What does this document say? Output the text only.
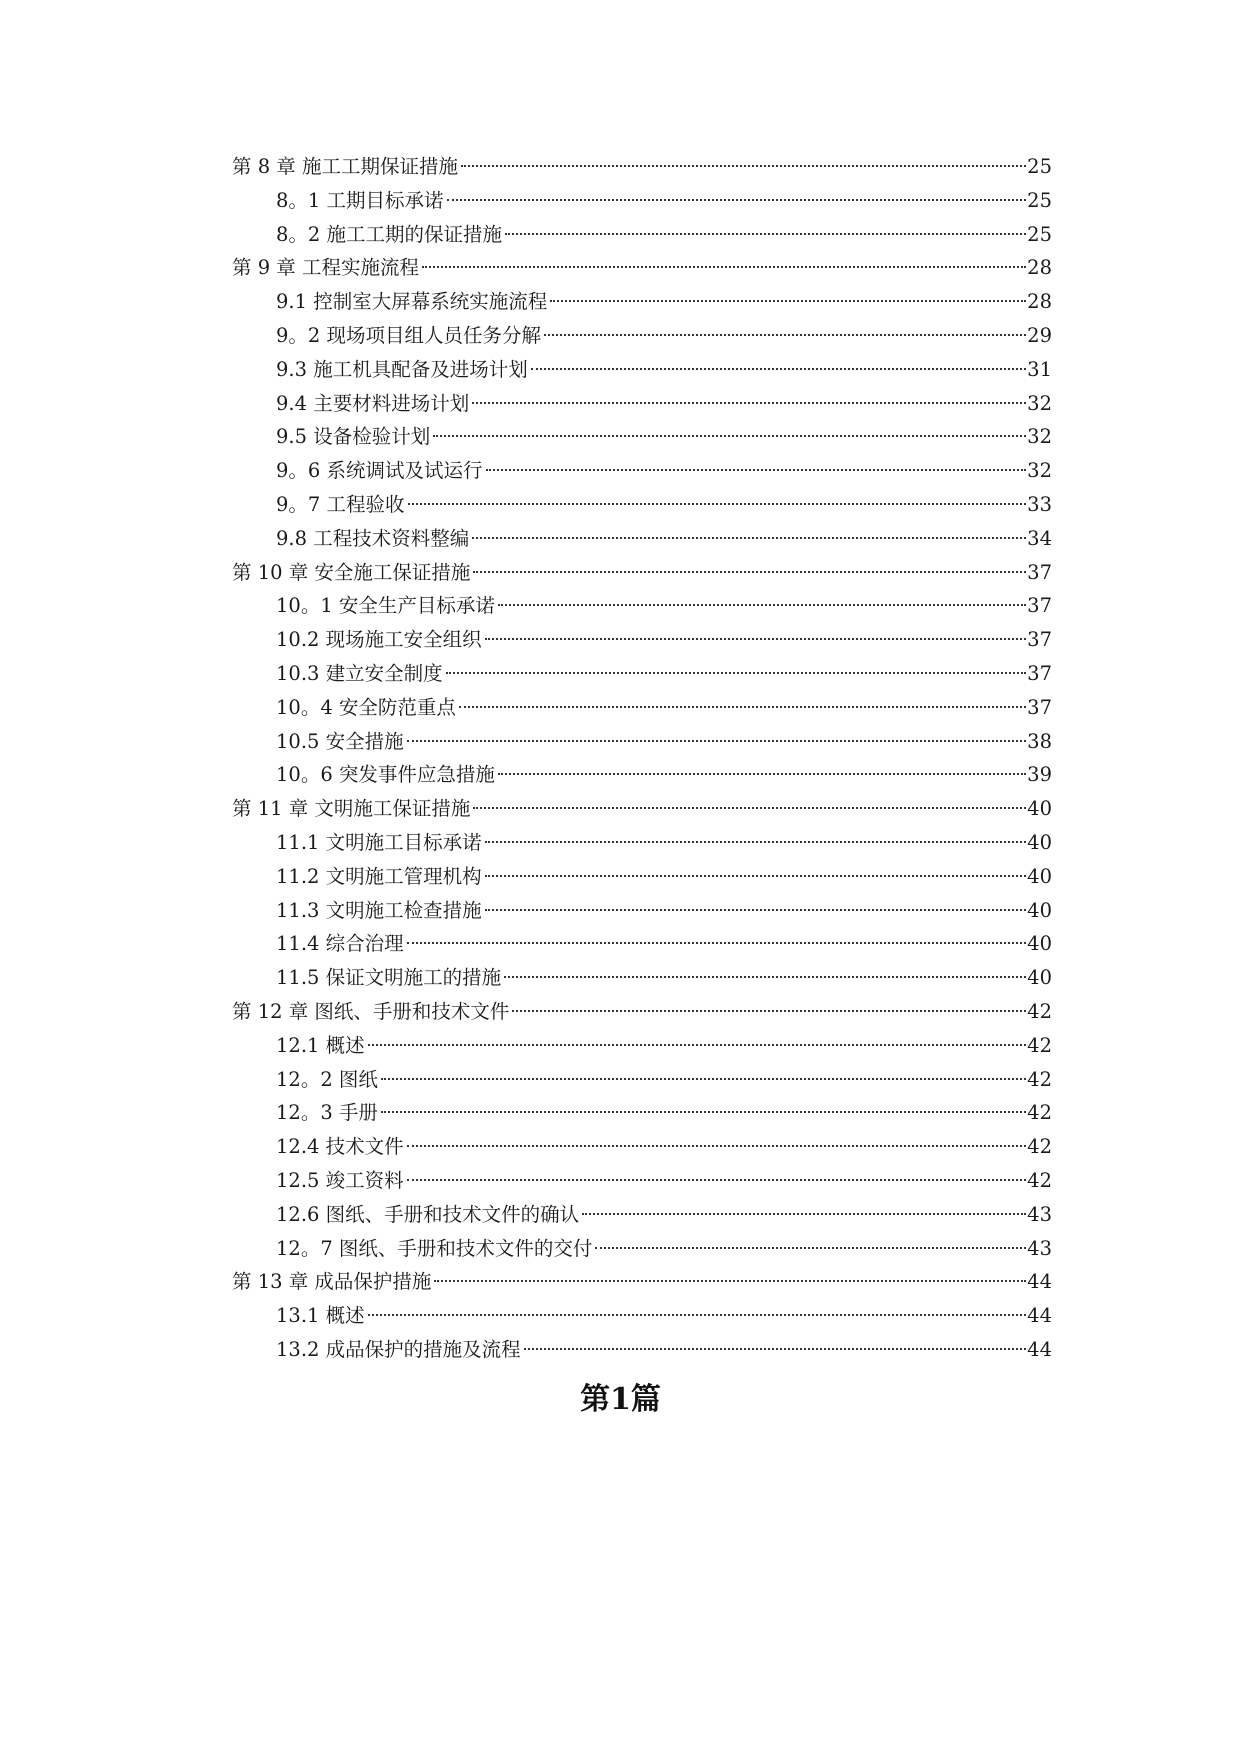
第 8 章 施工工期保证措施	25
8。1 工期目标承诺	25
8。2 施工工期的保证措施	25
第 9 章 工程实施流程	28
9.1 控制室大屏幕系统实施流程	28
9。2 现场项目组人员任务分解	29
9.3 施工机具配备及进场计划	31
9.4 主要材料进场计划	32
9.5 设备检验计划	32
9。6 系统调试及试运行	32
9。7 工程验收	33
9.8 工程技术资料整编	34
第 10 章 安全施工保证措施	37
10。1 安全生产目标承诺	37
10.2 现场施工安全组织	37
10.3 建立安全制度	37
10。4 安全防范重点	37
10.5 安全措施	38
10。6 突发事件应急措施	39
第 11 章 文明施工保证措施	40
11.1 文明施工目标承诺	40
11.2 文明施工管理机构	40
11.3 文明施工检查措施	40
11.4 综合治理	40
11.5 保证文明施工的措施	40
第 12 章 图纸、手册和技术文件	42
12.1 概述	42
12。2 图纸	42
12。3 手册	42
12.4 技术文件	42
12.5 竣工资料	42
12.6 图纸、手册和技术文件的确认	43
12。7 图纸、手册和技术文件的交付	43
第 13 章 成品保护措施	44
13.1 概述	44
13.2 成品保护的措施及流程	44
第1篇
